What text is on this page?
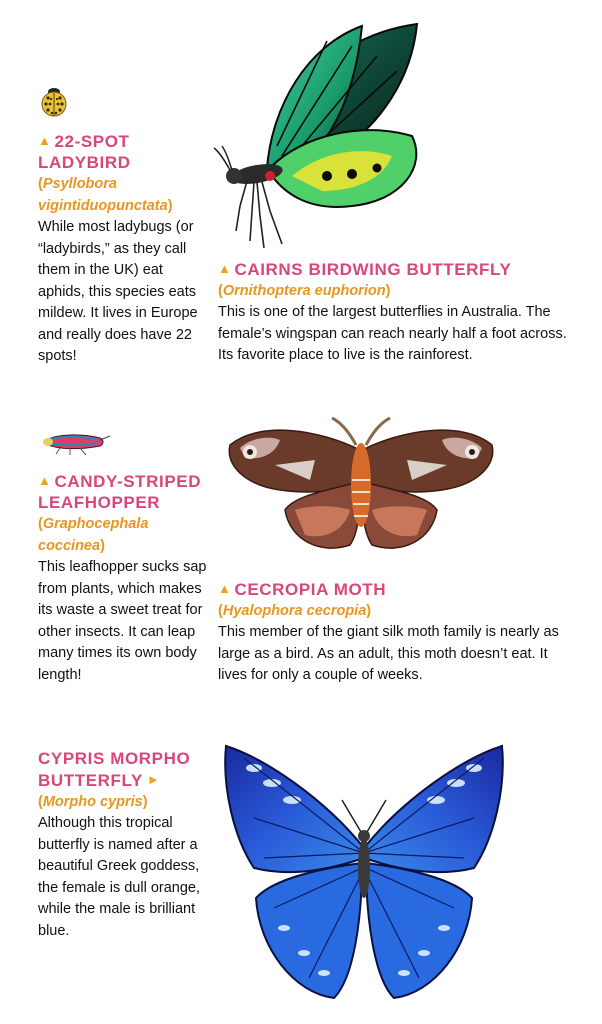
▲ 22-SPOT LADYBIRD
(Psyllobora vigintiduopunctata)
While most ladybugs (or “ladybirds,” as they call them in the UK) eat aphids, this species eats mildew. It lives in Europe and really does have 22 spots!
▲ CAIRNS BIRDWING BUTTERFLY
(Ornithoptera euphorion)
This is one of the largest butterflies in Australia. The female’s wingspan can reach nearly half a foot across. Its favorite place to live is the rainforest.
▲ CANDY-STRIPED LEAFHOPPER
(Graphocephala coccinea)
This leafhopper sucks sap from plants, which makes its waste a sweet treat for other insects. It can leap many times its own body length!
▲ CECROPIA MOTH
(Hyalophora cecropia)
This member of the giant silk moth family is nearly as large as a bird. As an adult, this moth doesn’t eat. It lives for only a couple of weeks.
CYPRIS MORPHO BUTTERFLY ►
(Morpho cypris)
Although this tropical butterfly is named after a beautiful Greek goddess, the female is dull orange, while the male is brilliant blue.
